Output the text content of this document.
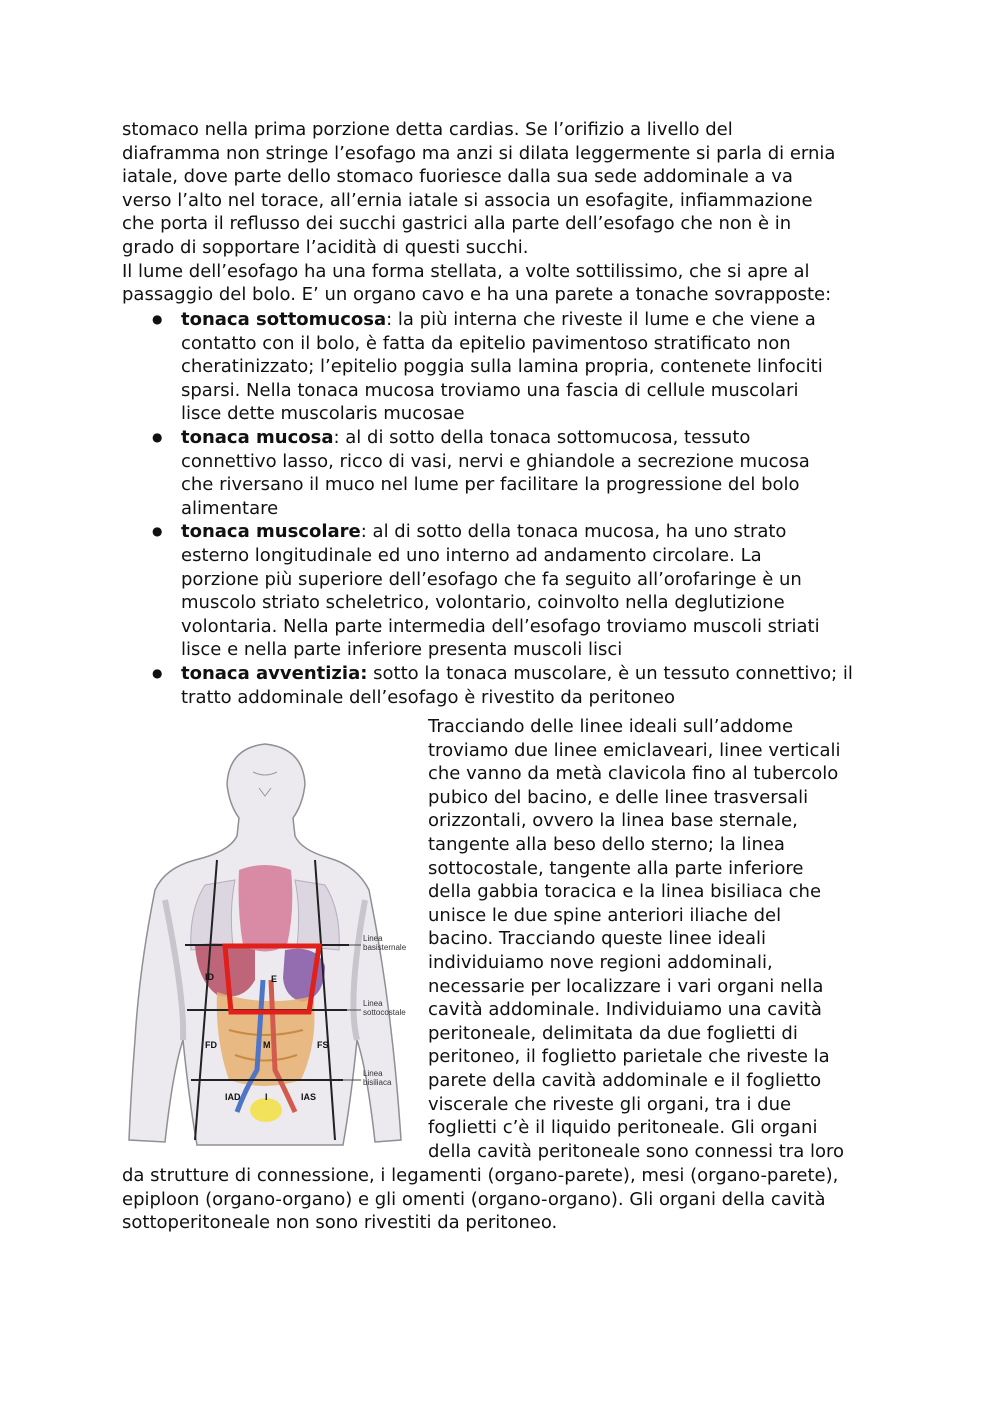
stomaco nella prima porzione detta cardias. Se l’orifizio a livello del
diaframma non stringe l’esofago ma anzi si dilata leggermente si parla di ernia
iatale, dove parte dello stomaco fuoriesce dalla sua sede addominale a va
verso l’alto nel torace, all’ernia iatale si associa un esofagite, infiammazione
che porta il reflusso dei succhi gastrici alla parte dell’esofago che non è in
grado di sopportare l’acidità di questi succhi.
Il lume dell’esofago ha una forma stellata, a volte sottilissimo, che si apre al
passaggio del bolo. E’ un organo cavo e ha una parete a tonache sovrapposte:
● tonaca sottomucosa: la più interna che riveste il lume e che viene a
contatto con il bolo, è fatta da epitelio pavimentoso stratificato non
cheratinizzato; l’epitelio poggia sulla lamina propria, contenete linfociti
sparsi. Nella tonaca mucosa troviamo una fascia di cellule muscolari
lisce dette muscolaris mucosae
● tonaca mucosa: al di sotto della tonaca sottomucosa, tessuto
connettivo lasso, ricco di vasi, nervi e ghiandole a secrezione mucosa
che riversano il muco nel lume per facilitare la progressione del bolo
alimentare
● tonaca muscolare: al di sotto della tonaca mucosa, ha uno strato
esterno longitudinale ed uno interno ad andamento circolare. La
porzione più superiore dell’esofago che fa seguito all’orofaringe è un
muscolo striato scheletrico, volontario, coinvolto nella deglutizione
volontaria. Nella parte intermedia dell’esofago troviamo muscoli striati
lisce e nella parte inferiore presenta muscoli lisci
● tonaca avventizia: sotto la tonaca muscolare, è un tessuto connettivo; il
tratto addominale dell’esofago è rivestito da peritoneo
ID	E
FD	M	FS
IAD	I	IAS
Linea
basisternale
Linea
sottocostale
Linea
bisiliaca
Tracciando delle linee ideali sull’addome
troviamo due linee emiclaveari, linee verticali
che vanno da metà clavicola fino al tubercolo
pubico del bacino, e delle linee trasversali
orizzontali, ovvero la linea base sternale,
tangente alla beso dello sterno; la linea
sottocostale, tangente alla parte inferiore
della gabbia toracica e la linea bisiliaca che
unisce le due spine anteriori iliache del
bacino. Tracciando queste linee ideali
individuiamo nove regioni addominali,
necessarie per localizzare i vari organi nella
cavità addominale. Individuiamo una cavità
peritoneale, delimitata da due foglietti di
peritoneo, il foglietto parietale che riveste la
parete della cavità addominale e il foglietto
viscerale che riveste gli organi, tra i due
foglietti c’è il liquido peritoneale. Gli organi
della cavità peritoneale sono connessi tra loro
da strutture di connessione, i legamenti (organo-parete), mesi (organo-parete),
epiploon (organo-organo) e gli omenti (organo-organo). Gli organi della cavità
sottoperitoneale non sono rivestiti da peritoneo.
